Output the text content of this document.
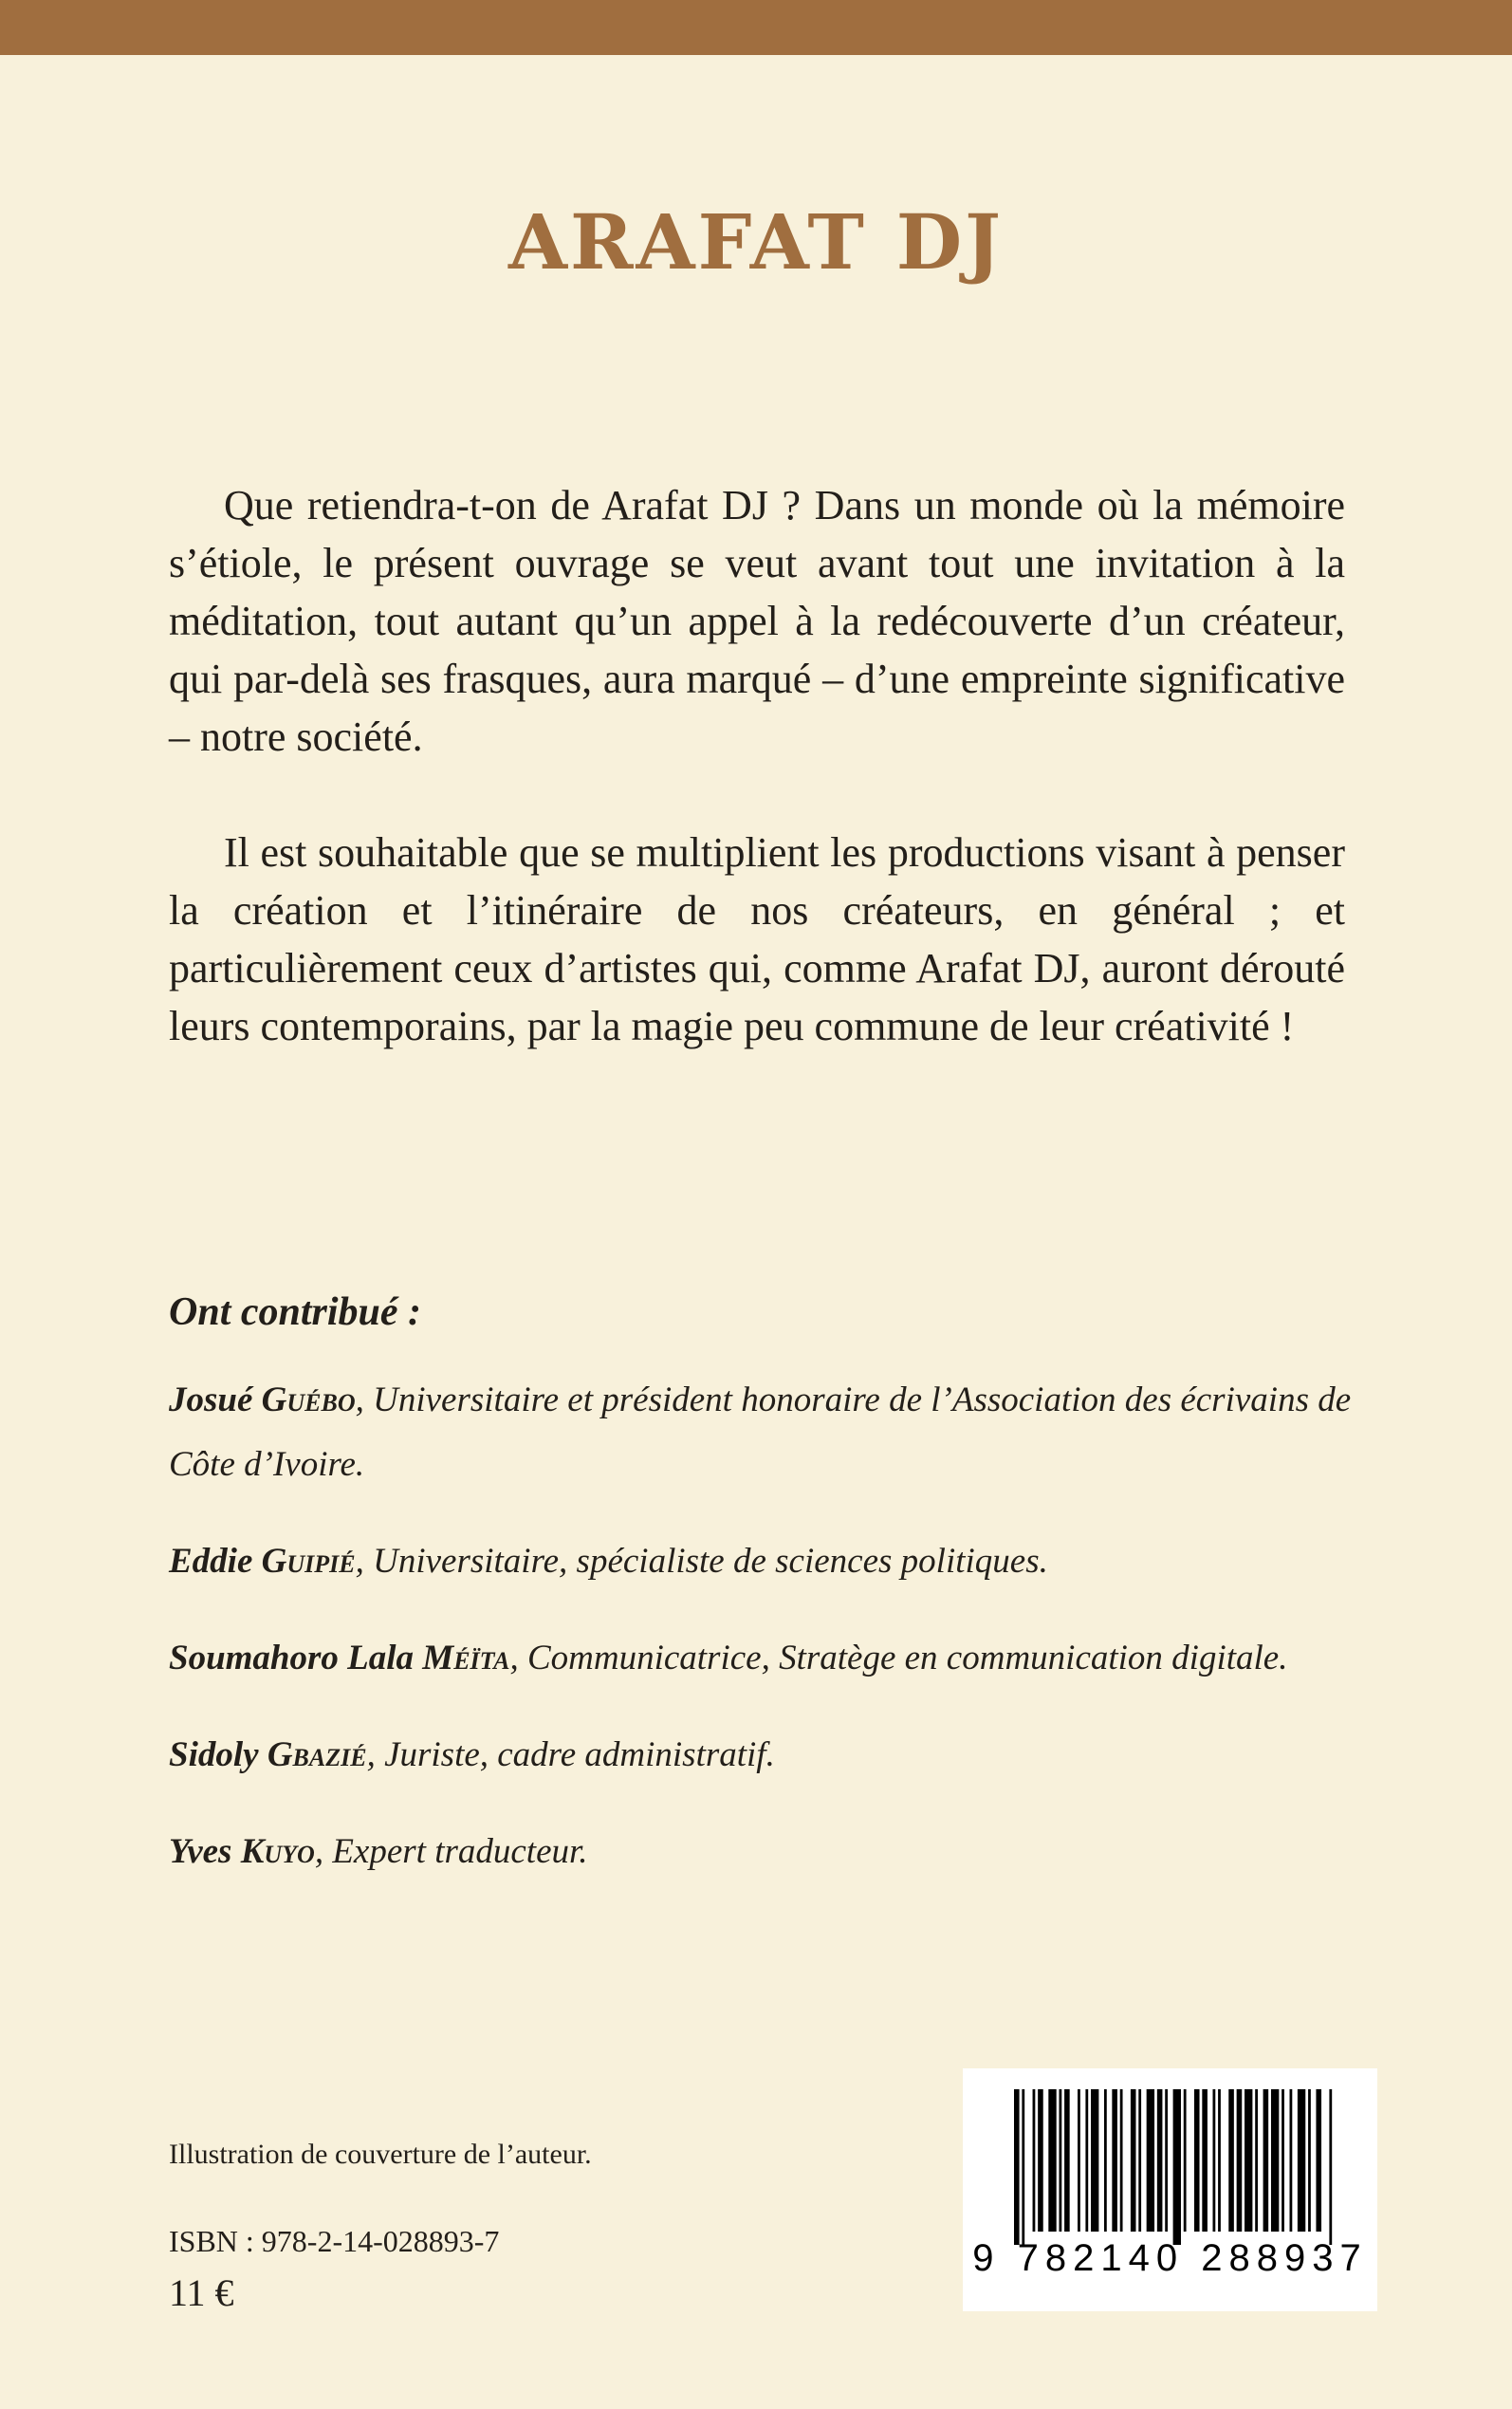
ARAFAT DJ

Que retiendra-t-on de Arafat DJ ? Dans un monde où la mémoire s’étiole, le présent ouvrage se veut avant tout une invitation à la méditation, tout autant qu’un appel à la redécouverte d’un créateur, qui par-delà ses frasques, aura marqué – d’une empreinte significative – notre société.

Il est souhaitable que se multiplient les productions visant à penser la création et l’itinéraire de nos créateurs, en général ; et particulièrement ceux d’artistes qui, comme Arafat DJ, auront dérouté leurs contemporains, par la magie peu commune de leur créativité !

Ont contribué :
Josué Guébo, Universitaire et président honoraire de l’Association des écrivains de Côte d’Ivoire.
Eddie Guipié, Universitaire, spécialiste de sciences politiques.
Soumahoro Lala Méïta, Communicatrice, Stratège en communication digitale.
Sidoly Gbazié, Juriste, cadre administratif.
Yves Kuyo, Expert traducteur.
Illustration de couverture de l’auteur.
ISBN : 978-2-14-028893-7
11 €
9 782140 288937
